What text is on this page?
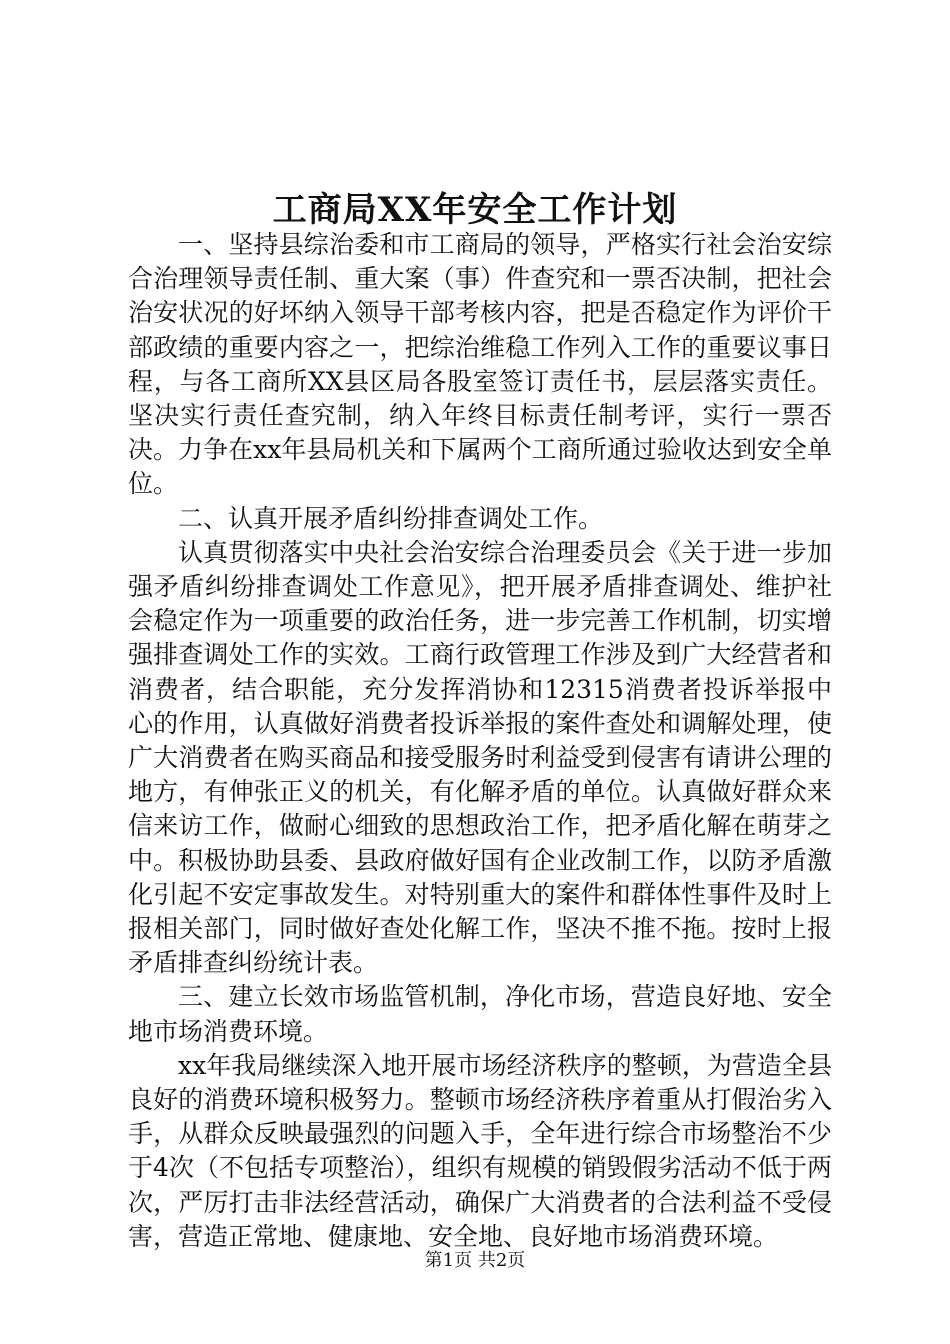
工商局XX年安全工作计划

一、坚持县综治委和市工商局的领导，严格实行社会治安综合治理领导责任制、重大案（事）件查究和一票否决制，把社会治安状况的好坏纳入领导干部考核内容，把是否稳定作为评价干部政绩的重要内容之一，把综治维稳工作列入工作的重要议事日程，与各工商所XX县区局各股室签订责任书，层层落实责任。坚决实行责任查究制，纳入年终目标责任制考评，实行一票否决。力争在xx年县局机关和下属两个工商所通过验收达到安全单位。

二、认真开展矛盾纠纷排查调处工作。

认真贯彻落实中央社会治安综合治理委员会《关于进一步加强矛盾纠纷排查调处工作意见》，把开展矛盾排查调处、维护社会稳定作为一项重要的政治任务，进一步完善工作机制，切实增强排查调处工作的实效。工商行政管理工作涉及到广大经营者和消费者，结合职能，充分发挥消协和12315消费者投诉举报中心的作用，认真做好消费者投诉举报的案件查处和调解处理，使广大消费者在购买商品和接受服务时利益受到侵害有请讲公理的地方，有伸张正义的机关，有化解矛盾的单位。认真做好群众来信来访工作，做耐心细致的思想政治工作，把矛盾化解在萌芽之中。积极协助县委、县政府做好国有企业改制工作，以防矛盾激化引起不安定事故发生。对特别重大的案件和群体性事件及时上报相关部门，同时做好查处化解工作，坚决不推不拖。按时上报矛盾排查纠纷统计表。

三、建立长效市场监管机制，净化市场，营造良好地、安全地市场消费环境。

xx年我局继续深入地开展市场经济秩序的整顿，为营造全县良好的消费环境积极努力。整顿市场经济秩序着重从打假治劣入手，从群众反映最强烈的问题入手，全年进行综合市场整治不少于4次（不包括专项整治），组织有规模的销毁假劣活动不低于两次，严厉打击非法经营活动，确保广大消费者的合法利益不受侵害，营造正常地、健康地、安全地、良好地市场消费环境。

第1页 共2页
